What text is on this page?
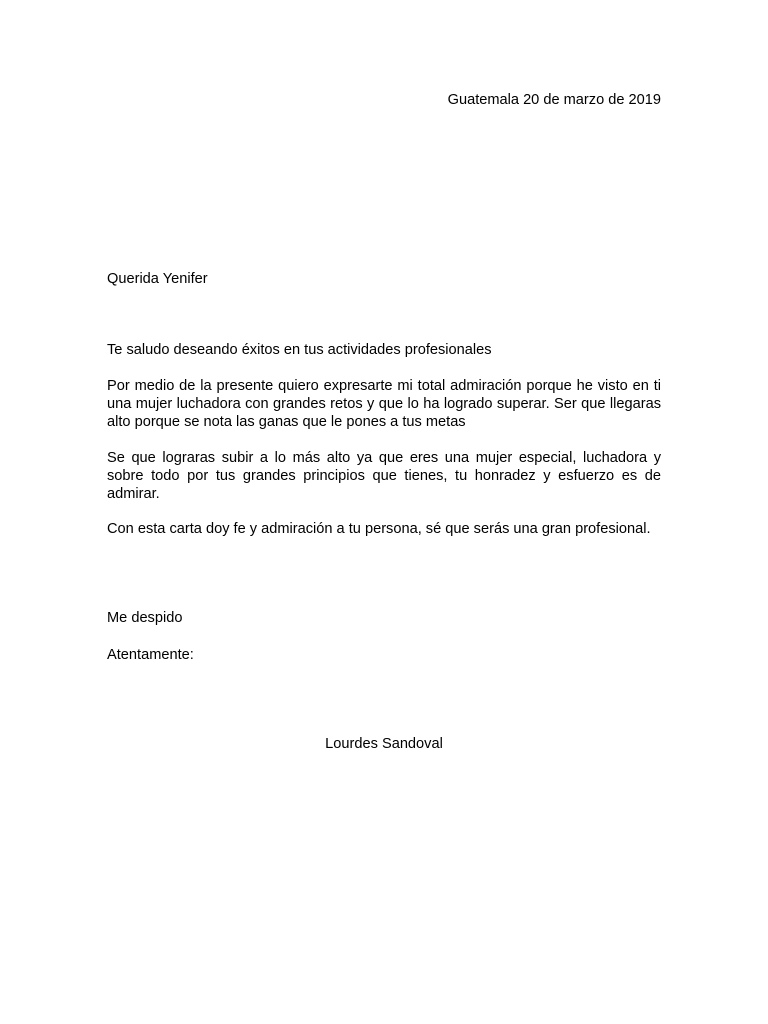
Guatemala 20 de marzo de 2019
Querida Yenifer
Te saludo deseando éxitos en tus actividades profesionales
Por medio de la presente quiero expresarte mi total admiración porque he visto en ti una mujer luchadora con grandes retos y que lo ha logrado superar. Ser que llegaras alto porque se nota las ganas que le pones a tus metas
Se que lograras subir a lo más alto ya que eres una mujer especial, luchadora y sobre todo por tus grandes principios que tienes, tu honradez y esfuerzo es de admirar.
Con esta carta doy fe y admiración a tu persona, sé que serás una gran profesional.
Me despido
Atentamente:
Lourdes Sandoval
